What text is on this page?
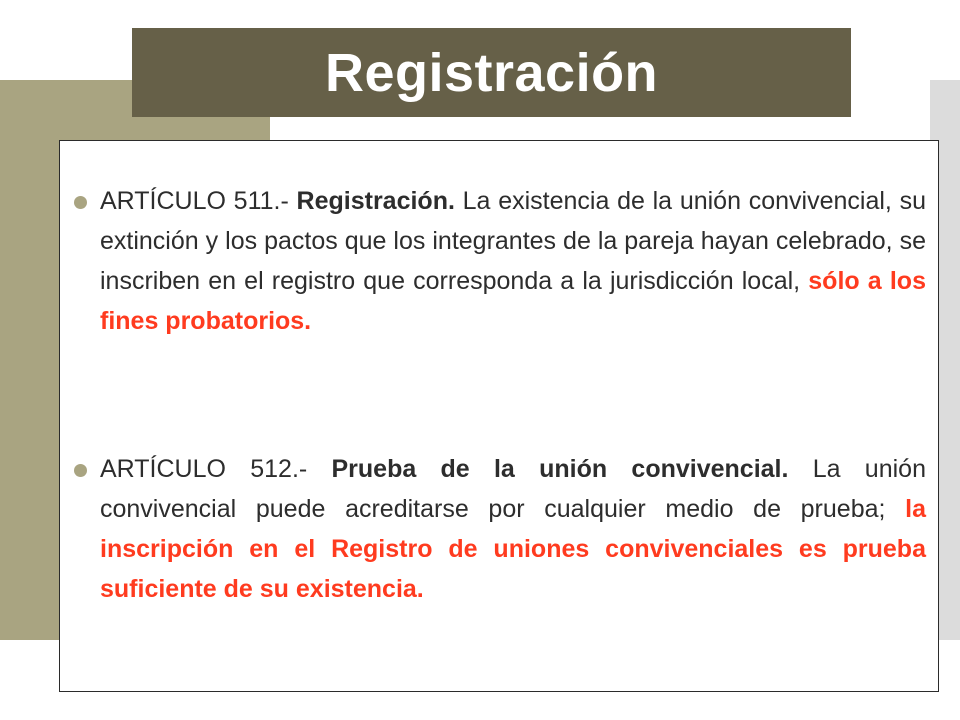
Registración

ARTÍCULO 511.- Registración. La existencia de la unión convivencial, su extinción y los pactos que los integrantes de la pareja hayan celebrado, se inscriben en el registro que corresponda a la jurisdicción local, sólo a los fines probatorios.

ARTÍCULO 512.- Prueba de la unión convivencial. La unión convivencial puede acreditarse por cualquier medio de prueba; la inscripción en el Registro de uniones convivenciales es prueba suficiente de su existencia.
